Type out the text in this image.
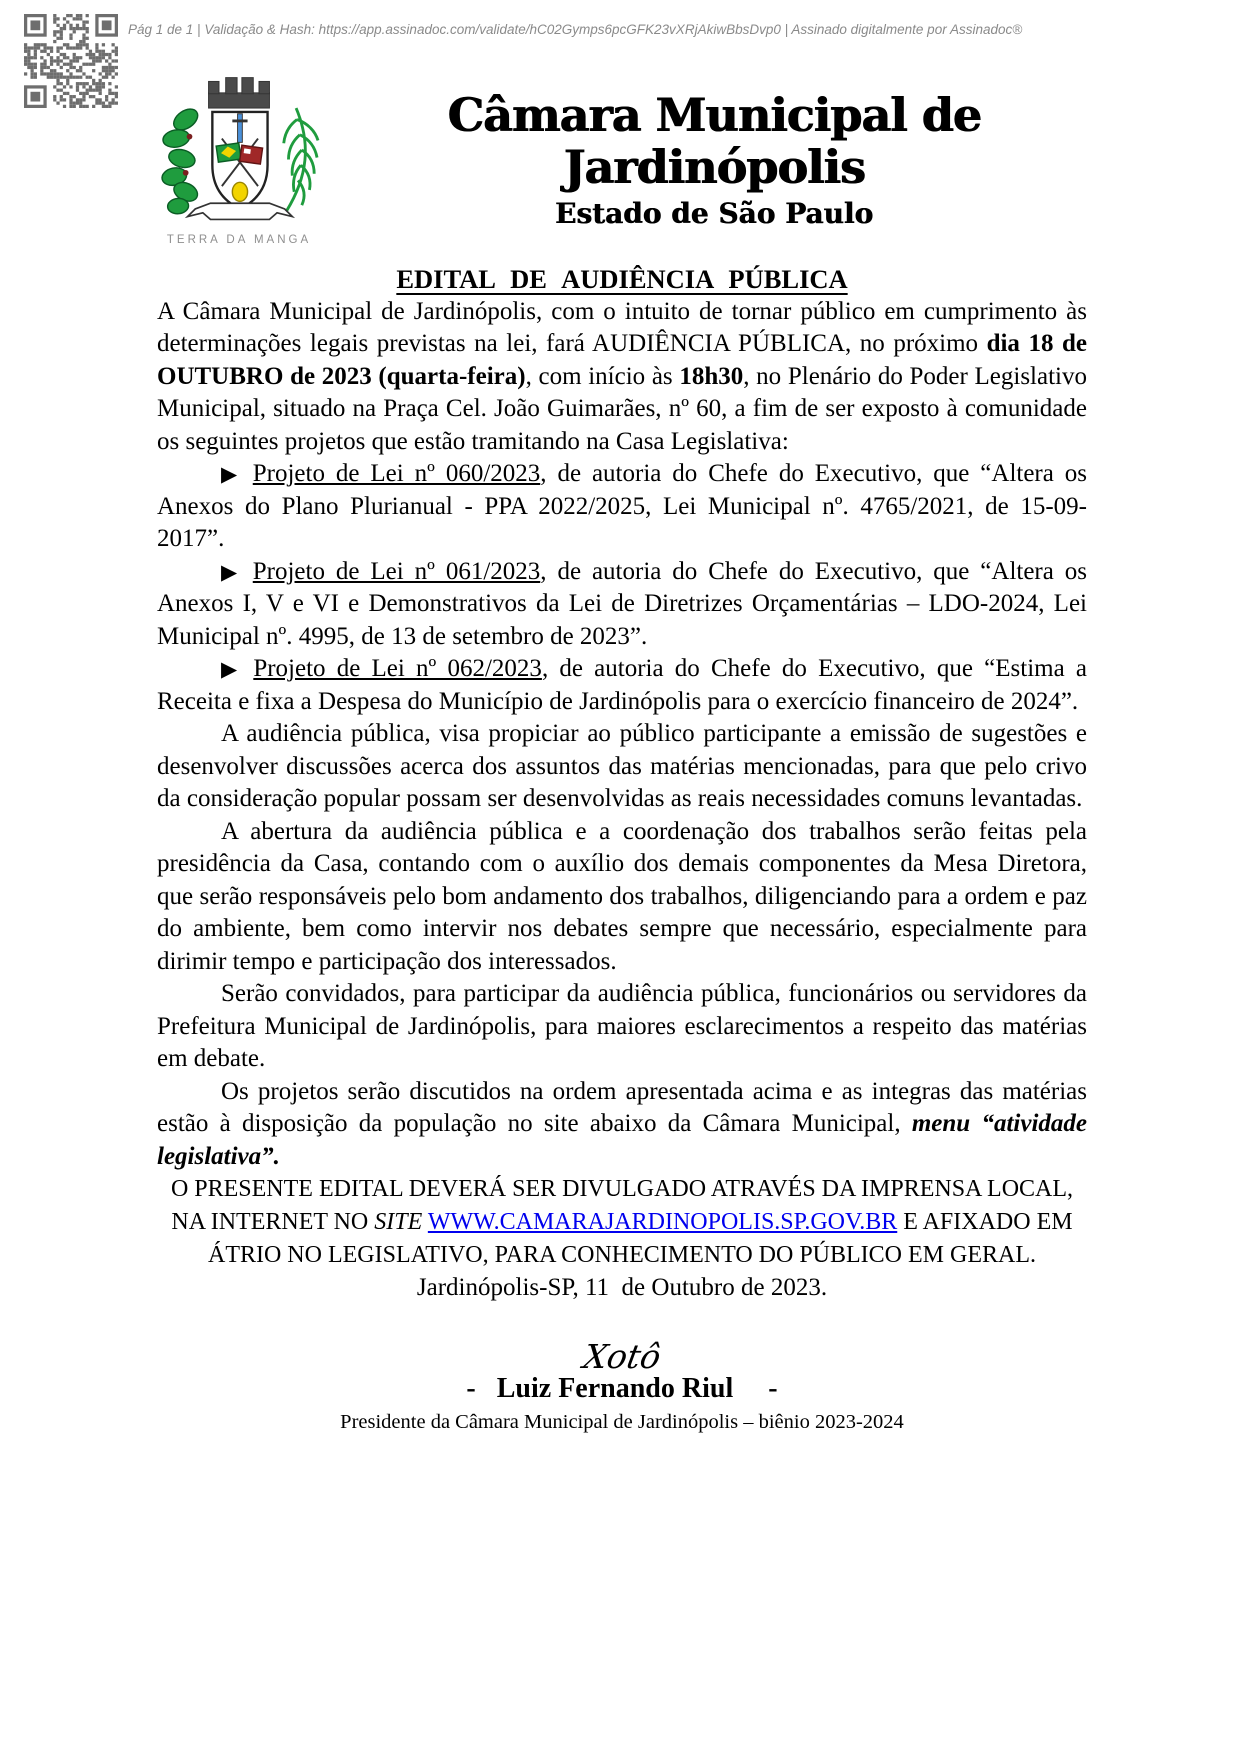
Pág 1 de 1 | Validação & Hash: https://app.assinadoc.com/validate/hC02Gymps6pcGFK23vXRjAkiwBbsDvp0 | Assinado digitalmente por Assinadoc®
TERRA DA MANGA
Câmara Municipal de Jardinópolis
Estado de São Paulo
EDITAL DE AUDIÊNCIA PÚBLICA

A Câmara Municipal de Jardinópolis, com o intuito de tornar público em cumprimento às determinações legais previstas na lei, fará AUDIÊNCIA PÚBLICA, no próximo dia 18 de OUTUBRO de 2023 (quarta-feira), com início às 18h30, no Plenário do Poder Legislativo Municipal, situado na Praça Cel. João Guimarães, nº 60, a fim de ser exposto à comunidade os seguintes projetos que estão tramitando na Casa Legislativa:

▶ Projeto de Lei nº 060/2023, de autoria do Chefe do Executivo, que “Altera os Anexos do Plano Plurianual - PPA 2022/2025, Lei Municipal nº. 4765/2021, de 15-09-2017”.

▶ Projeto de Lei nº 061/2023, de autoria do Chefe do Executivo, que “Altera os Anexos I, V e VI e Demonstrativos da Lei de Diretrizes Orçamentárias – LDO-2024, Lei Municipal nº. 4995, de 13 de setembro de 2023”.

▶ Projeto de Lei nº 062/2023, de autoria do Chefe do Executivo, que “Estima a Receita e fixa a Despesa do Município de Jardinópolis para o exercício financeiro de 2024”.

A audiência pública, visa propiciar ao público participante a emissão de sugestões e desenvolver discussões acerca dos assuntos das matérias mencionadas, para que pelo crivo da consideração popular possam ser desenvolvidas as reais necessidades comuns levantadas.

A abertura da audiência pública e a coordenação dos trabalhos serão feitas pela presidência da Casa, contando com o auxílio dos demais componentes da Mesa Diretora, que serão responsáveis pelo bom andamento dos trabalhos, diligenciando para a ordem e paz do ambiente, bem como intervir nos debates sempre que necessário, especialmente para dirimir tempo e participação dos interessados.

Serão convidados, para participar da audiência pública, funcionários ou servidores da Prefeitura Municipal de Jardinópolis, para maiores esclarecimentos a respeito das matérias em debate.

Os projetos serão discutidos na ordem apresentada acima e as integras das matérias estão à disposição da população no site abaixo da Câmara Municipal, menu “atividade legislativa”.

O PRESENTE EDITAL DEVERÁ SER DIVULGADO ATRAVÉS DA IMPRENSA LOCAL, NA INTERNET NO SITE WWW.CAMARAJARDINOPOLIS.SP.GOV.BR E AFIXADO EM ÁTRIO NO LEGISLATIVO, PARA CONHECIMENTO DO PÚBLICO EM GERAL.

Jardinópolis-SP, 11  de Outubro de 2023.

Xotô

-   Luiz Fernando Riul     -

Presidente da Câmara Municipal de Jardinópolis – biênio 2023-2024
